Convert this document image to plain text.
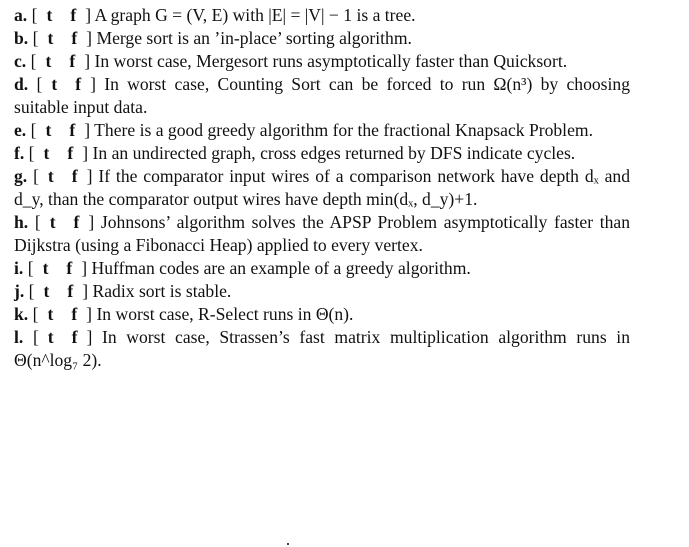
a. [ t f ] A graph G = (V, E) with |E| = |V| − 1 is a tree.

b. [ t f ] Merge sort is an ’in-place’ sorting algorithm.

c. [ t f ] In worst case, Mergesort runs asymptotically faster than Quicksort.

d. [ t f ] In worst case, Counting Sort can be forced to run Ω(n³) by choosing suitable input data.

e. [ t f ] There is a good greedy algorithm for the fractional Knapsack Problem.

f. [ t f ] In an undirected graph, cross edges returned by DFS indicate cycles.

g. [ t f ] If the comparator input wires of a comparison network have depth dₓ and d_y, than the comparator output wires have depth min(dₓ, d_y)+1.

h. [ t f ] Johnsons’ algorithm solves the APSP Problem asymptotically faster than Dijkstra (using a Fibonacci Heap) applied to every vertex.

i. [ t f ] Huffman codes are an example of a greedy algorithm.

j. [ t f ] Radix sort is stable.

k. [ t f ] In worst case, R-Select runs in Θ(n).

l. [ t f ] In worst case, Strassen’s fast matrix multiplication algorithm runs in Θ(n^log₇ 2).
